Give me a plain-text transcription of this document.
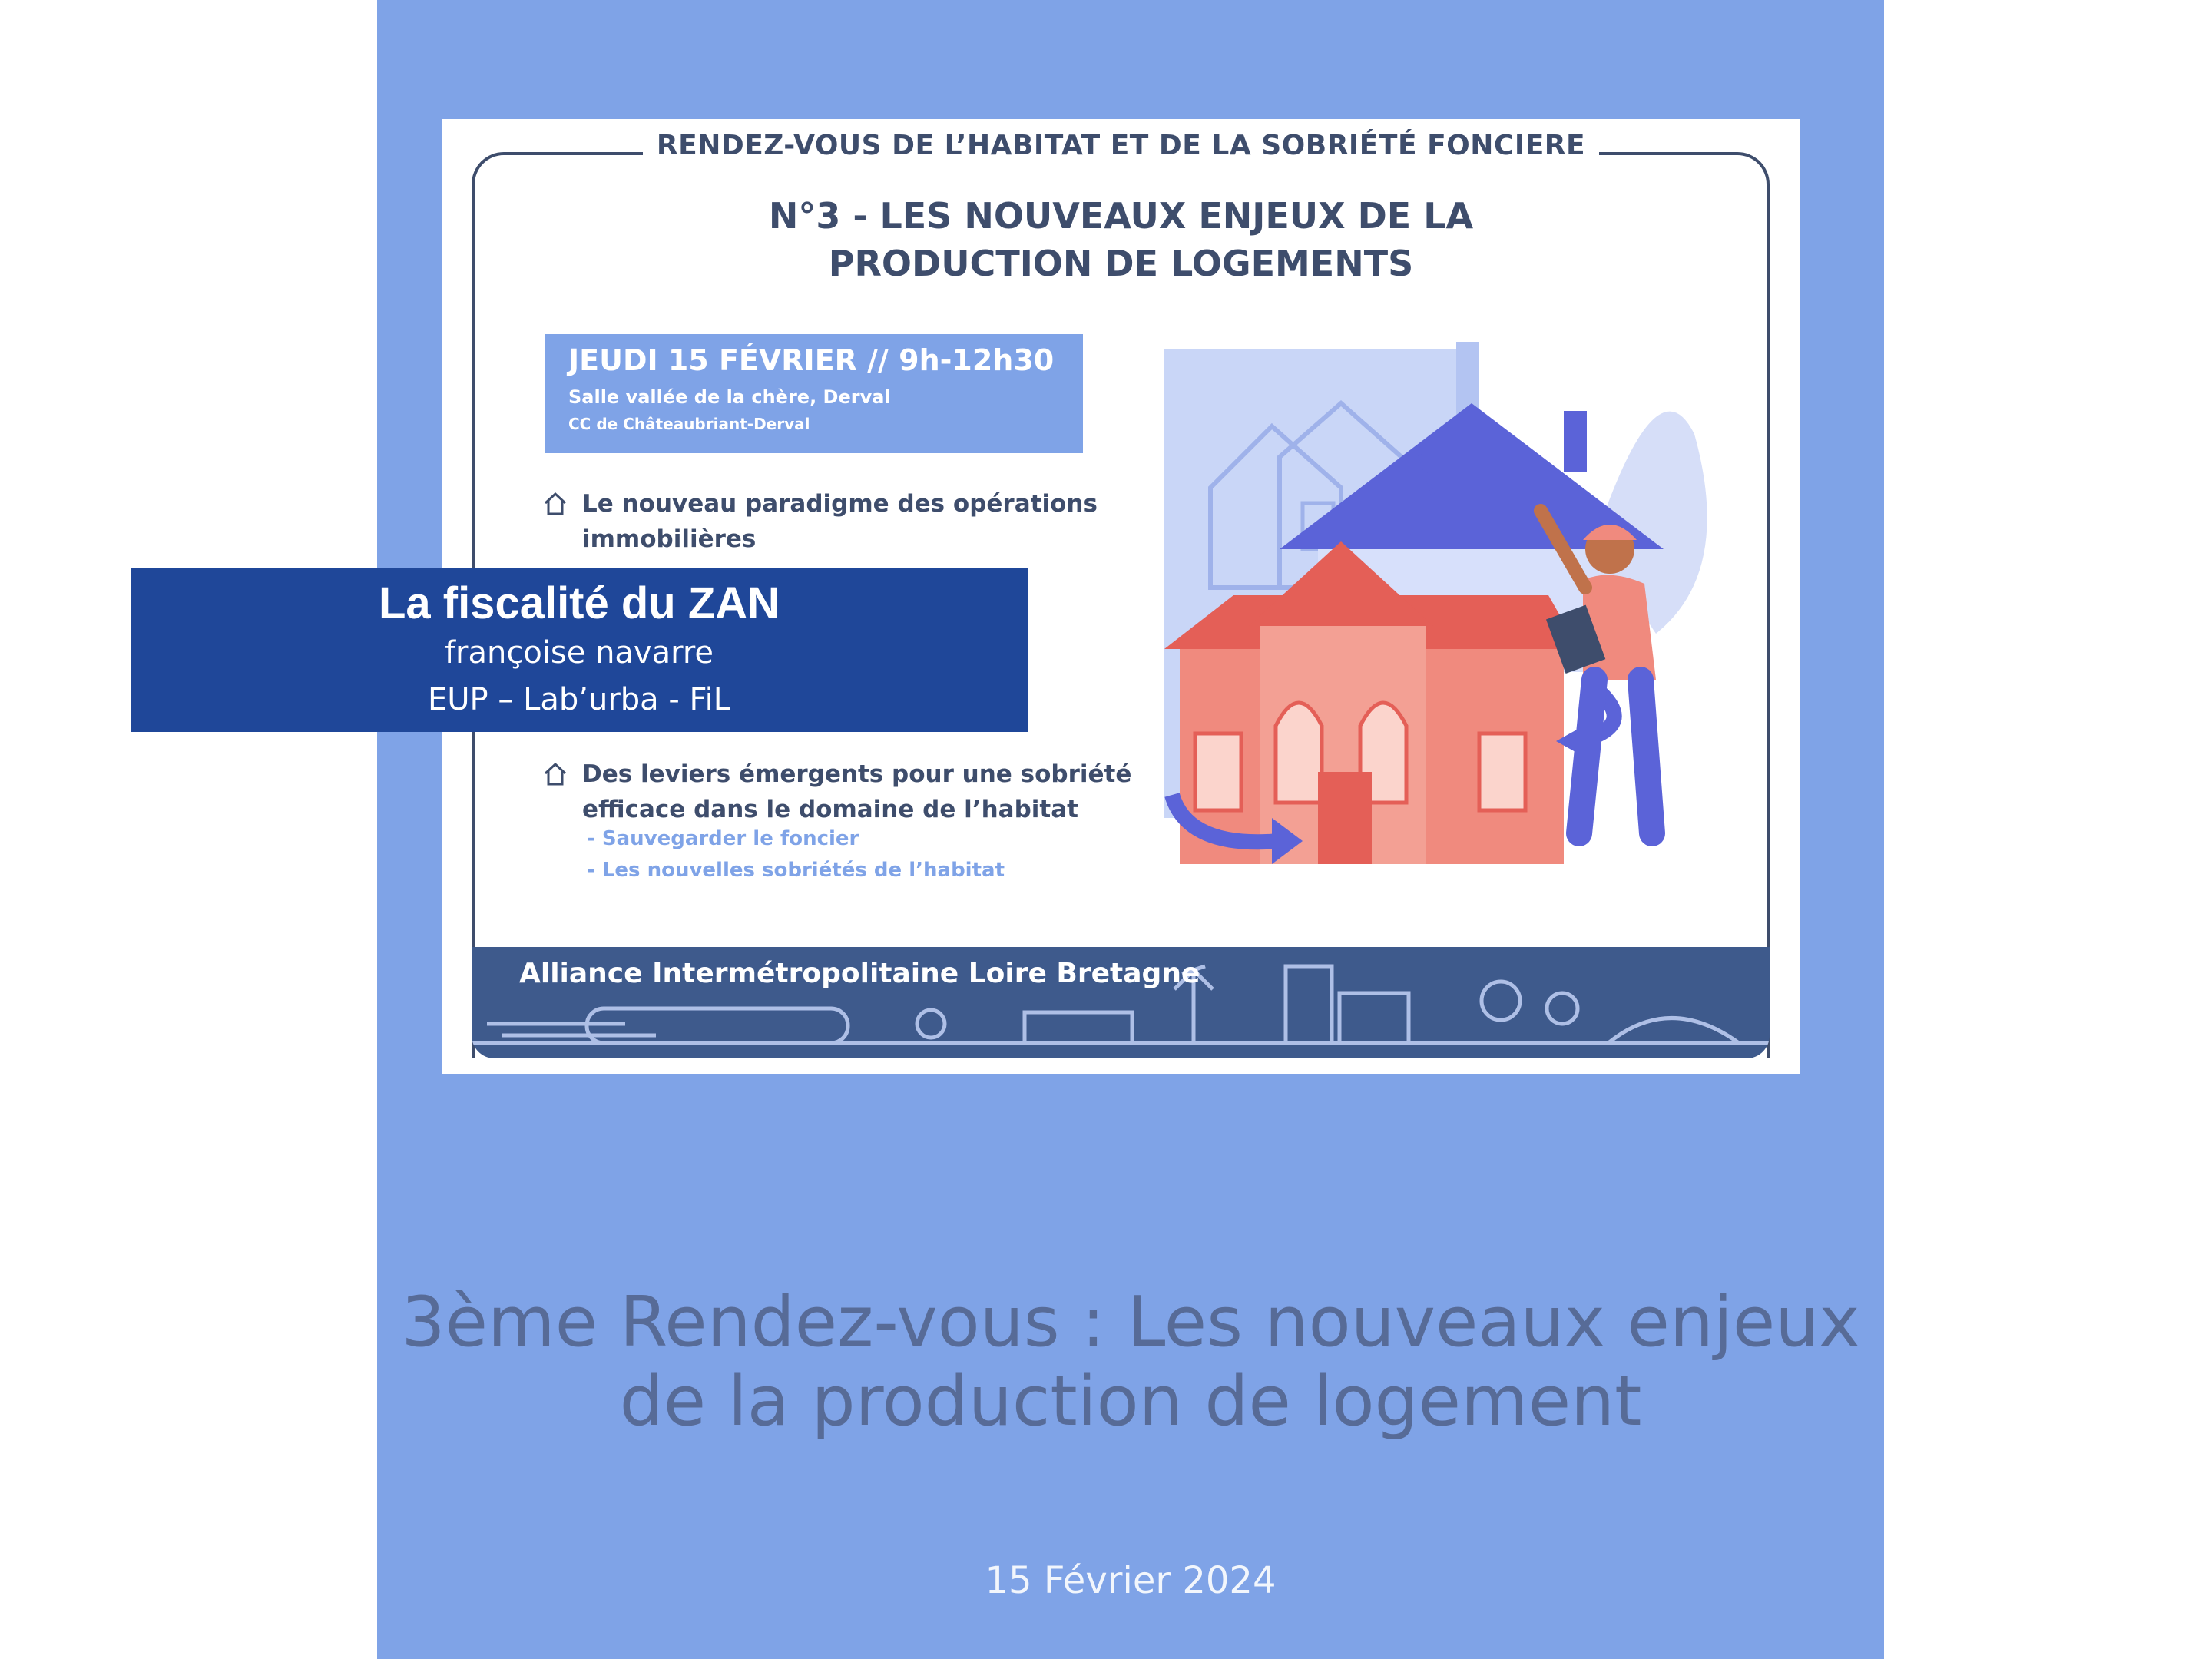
RENDEZ-VOUS DE L’HABITAT ET DE LA SOBRIÉTÉ FONCIERE
N°3 - LES NOUVEAUX ENJEUX DE LA
PRODUCTION DE LOGEMENTS
JEUDI 15 FÉVRIER // 9h-12h30
Salle vallée de la chère, Derval
CC de Châteaubriant-Derval
Le nouveau paradigme des opérations immobilières
Des leviers émergents pour une sobriété efficace dans le domaine de l’habitat
- Sauvegarder le foncier
- Les nouvelles sobriétés de l’habitat
Alliance Intermétropolitaine Loire Bretagne
3ème Rendez-vous : Les nouveaux enjeux de la production de logement
15 Février 2024
La fiscalité du ZAN
françoise navarre
EUP – Lab’urba - FiL
